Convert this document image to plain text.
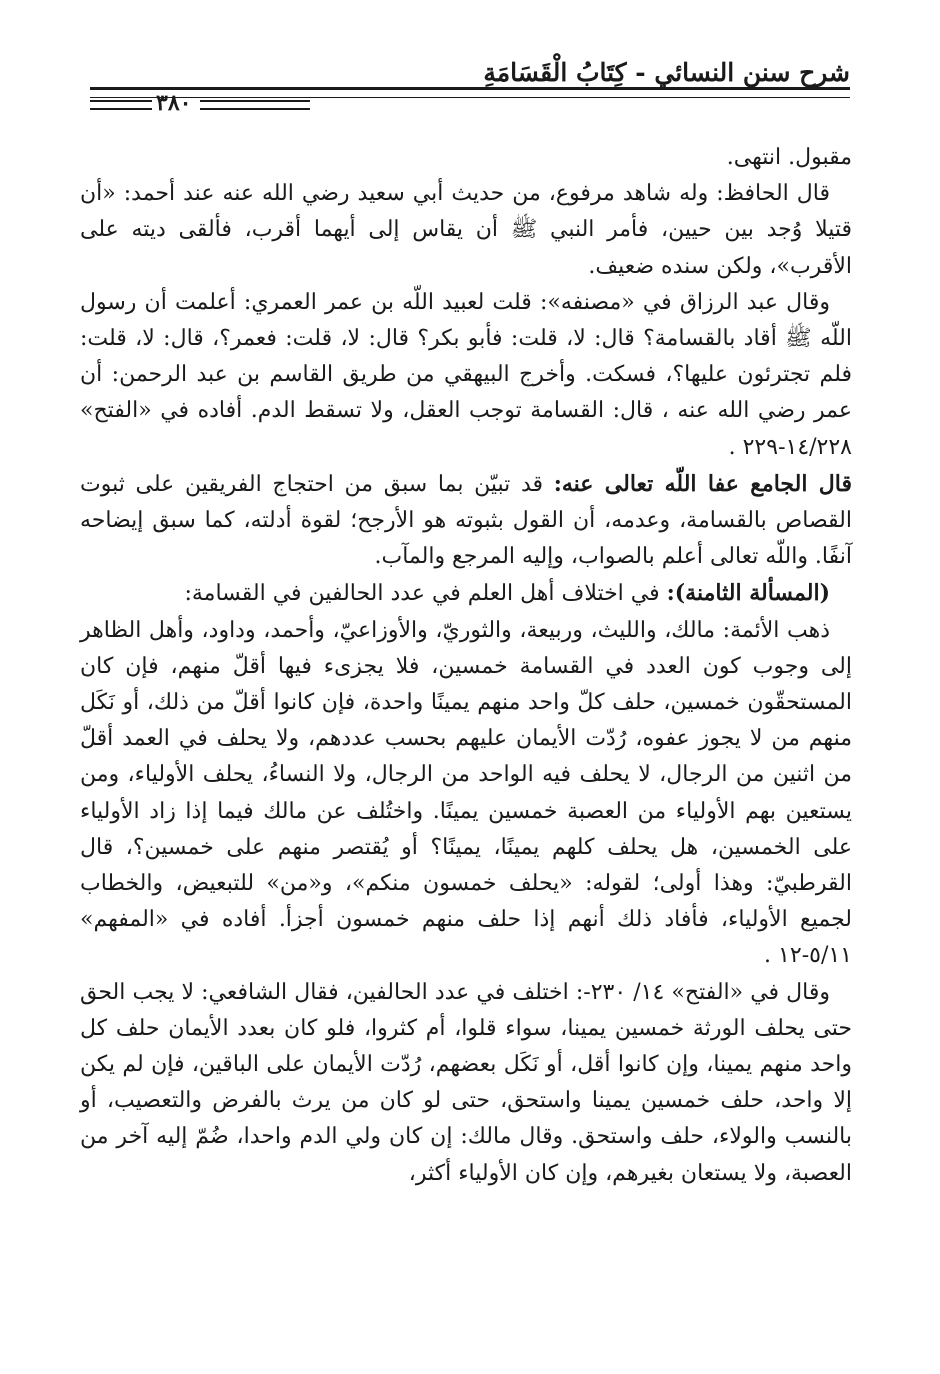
شرح سنن النسائي - كِتَابُ الْقَسَامَةِ
٣٨٠

مقبول. انتهى.

قال الحافظ: وله شاهد مرفوع، من حديث أبي سعيد رضي الله عنه عند أحمد: «أن قتيلا وُجد بين حيين، فأمر النبي ﷺ أن يقاس إلى أيهما أقرب، فألقى ديته على الأقرب»، ولكن سنده ضعيف.

وقال عبد الرزاق في «مصنفه»: قلت لعبيد اللّه بن عمر العمري: أعلمت أن رسول اللّه ﷺ أقاد بالقسامة؟ قال: لا، قلت: فأبو بكر؟ قال: لا، قلت: فعمر؟، قال: لا، قلت: فلم تجترئون عليها؟، فسكت. وأخرج البيهقي من طريق القاسم بن عبد الرحمن: أن عمر رضي الله عنه ، قال: القسامة توجب العقل، ولا تسقط الدم. أفاده في «الفتح» ١٤/٢٢٨-٢٢٩ .

قال الجامع عفا اللّه تعالى عنه: قد تبيّن بما سبق من احتجاج الفريقين على ثبوت القصاص بالقسامة، وعدمه، أن القول بثبوته هو الأرجح؛ لقوة أدلته، كما سبق إيضاحه آنفًا. واللّه تعالى أعلم بالصواب، وإليه المرجع والمآب.

(المسألة الثامنة): في اختلاف أهل العلم في عدد الحالفين في القسامة:

ذهب الأئمة: مالك، والليث، وربيعة، والثوريّ، والأوزاعيّ، وأحمد، وداود، وأهل الظاهر إلى وجوب كون العدد في القسامة خمسين، فلا يجزىء فيها أقلّ منهم، فإن كان المستحقّون خمسين، حلف كلّ واحد منهم يمينًا واحدة، فإن كانوا أقلّ من ذلك، أو نَكَل منهم من لا يجوز عفوه، رُدّت الأيمان عليهم بحسب عددهم، ولا يحلف في العمد أقلّ من اثنين من الرجال، لا يحلف فيه الواحد من الرجال، ولا النساءُ، يحلف الأولياء، ومن يستعين بهم الأولياء من العصبة خمسين يمينًا. واختُلف عن مالك فيما إذا زاد الأولياء على الخمسين، هل يحلف كلهم يمينًا، يمينًا؟ أو يُقتصر منهم على خمسين؟، قال القرطبيّ: وهذا أولى؛ لقوله: «يحلف خمسون منكم»، و«من» للتبعيض، والخطاب لجميع الأولياء، فأفاد ذلك أنهم إذا حلف منهم خمسون أجزأ. أفاده في «المفهم» ٥/١١-١٢ .

وقال في «الفتح» ١٤/ ٢٣٠-: اختلف في عدد الحالفين، فقال الشافعي: لا يجب الحق حتى يحلف الورثة خمسين يمينا، سواء قلوا، أم كثروا، فلو كان بعدد الأيمان حلف كل واحد منهم يمينا، وإن كانوا أقل، أو نَكَل بعضهم، رُدّت الأيمان على الباقين، فإن لم يكن إلا واحد، حلف خمسين يمينا واستحق، حتى لو كان من يرث بالفرض والتعصيب، أو بالنسب والولاء، حلف واستحق. وقال مالك: إن كان ولي الدم واحدا، ضُمّ إليه آخر من العصبة، ولا يستعان بغيرهم، وإن كان الأولياء أكثر،
